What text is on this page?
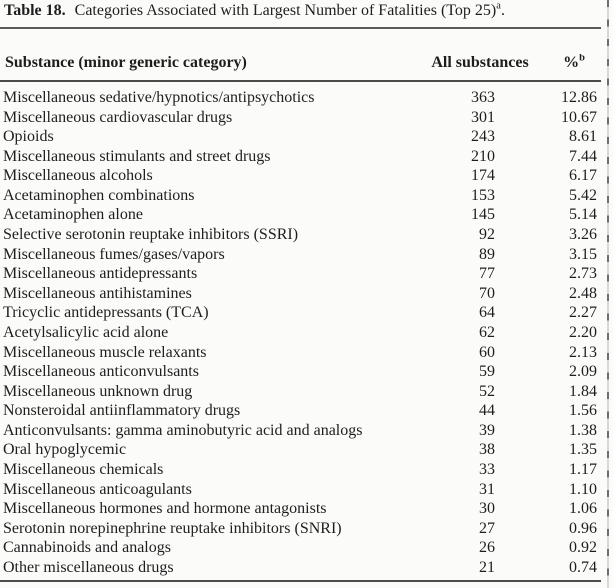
Table 18. Categories Associated with Largest Number of Fatalities (Top 25)$^a$.
Substance (minor generic category)	All substances	%$^b$
Miscellaneous sedative/hypnotics/antipsychotics	363	12.86
Miscellaneous cardiovascular drugs	301	10.67
Opioids	243	8.61
Miscellaneous stimulants and street drugs	210	7.44
Miscellaneous alcohols	174	6.17
Acetaminophen combinations	153	5.42
Acetaminophen alone	145	5.14
Selective serotonin reuptake inhibitors (SSRI)	92	3.26
Miscellaneous fumes/gases/vapors	89	3.15
Miscellaneous antidepressants	77	2.73
Miscellaneous antihistamines	70	2.48
Tricyclic antidepressants (TCA)	64	2.27
Acetylsalicylic acid alone	62	2.20
Miscellaneous muscle relaxants	60	2.13
Miscellaneous anticonvulsants	59	2.09
Miscellaneous unknown drug	52	1.84
Nonsteroidal antiinflammatory drugs	44	1.56
Anticonvulsants: gamma aminobutyric acid and analogs	39	1.38
Oral hypoglycemic	38	1.35
Miscellaneous chemicals	33	1.17
Miscellaneous anticoagulants	31	1.10
Miscellaneous hormones and hormone antagonists	30	1.06
Serotonin norepinephrine reuptake inhibitors (SNRI)	27	0.96
Cannabinoids and analogs	26	0.92
Other miscellaneous drugs	21	0.74
